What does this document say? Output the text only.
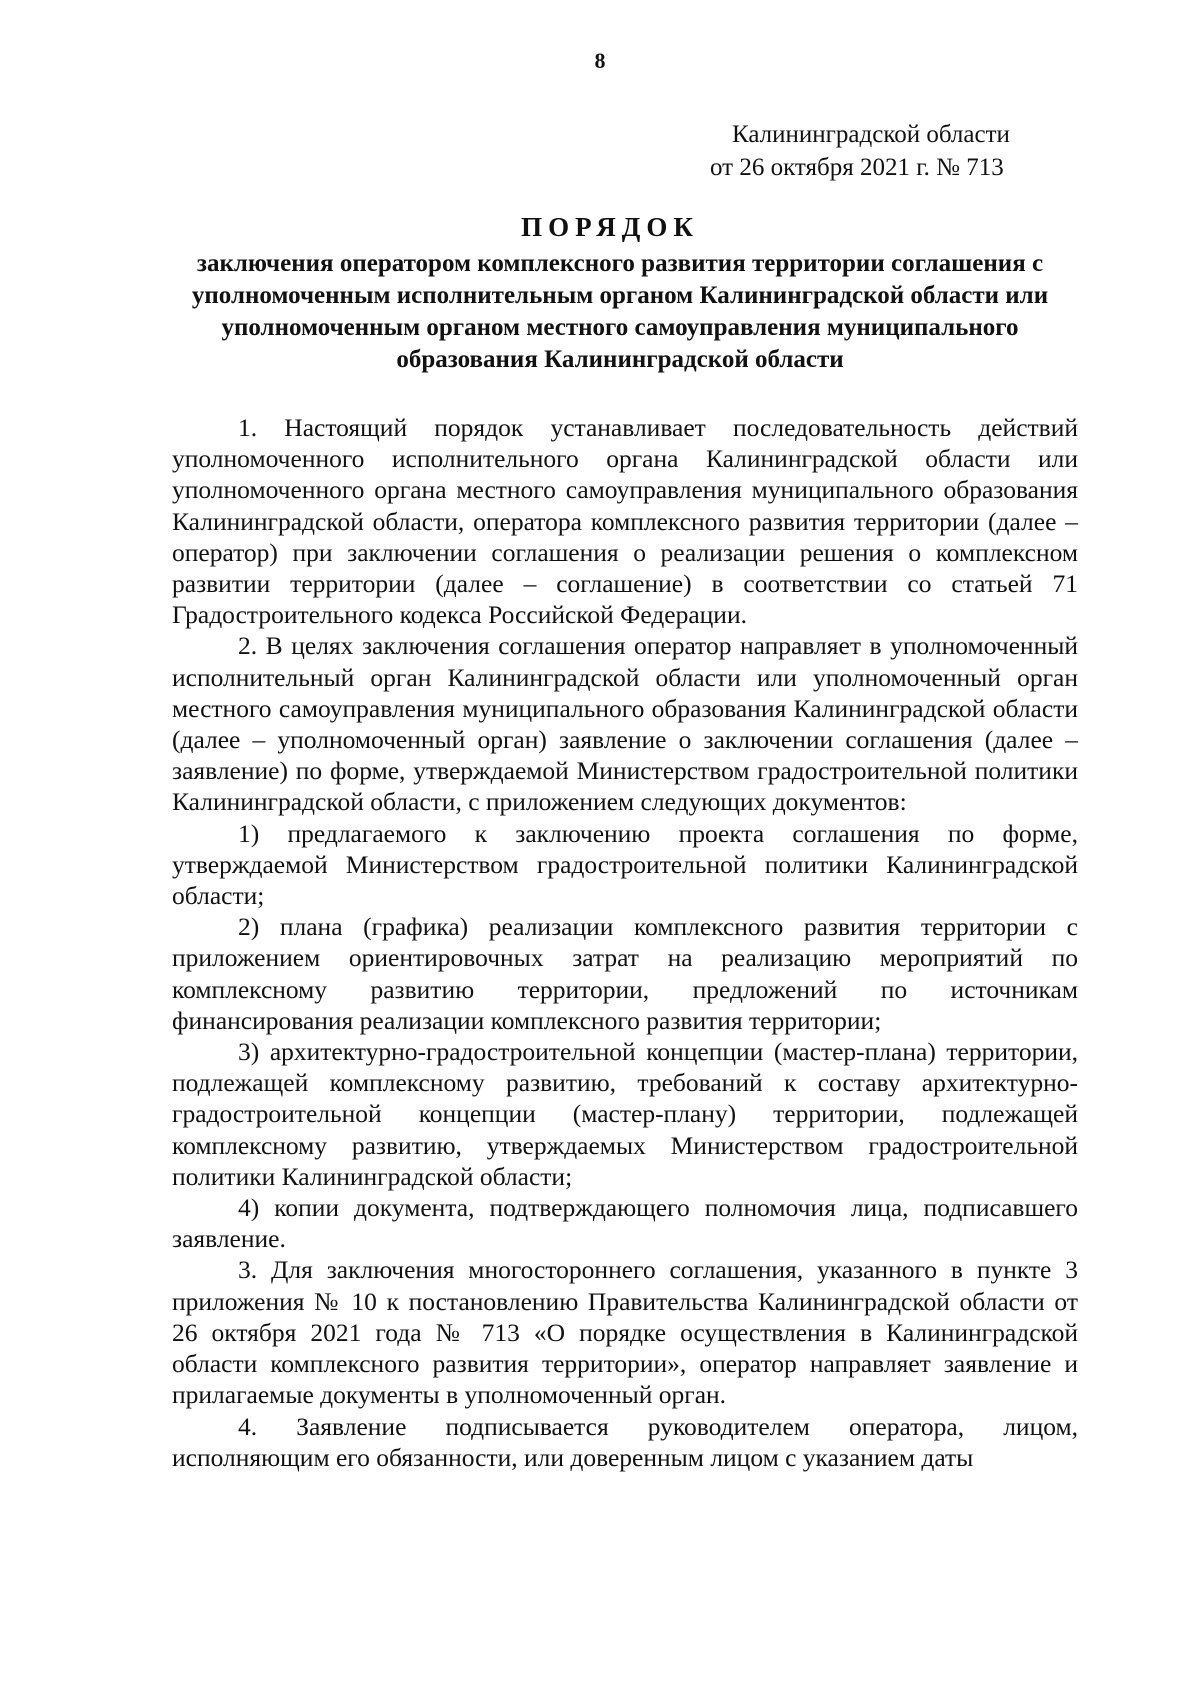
8
Калининградской области
от 26 октября 2021 г. № 713
ПОРЯДОК
заключения оператором комплексного развития территории соглашения с уполномоченным исполнительным органом Калининградской области или уполномоченным органом местного самоуправления муниципального образования Калининградской области

1. Настоящий порядок устанавливает последовательность действий уполномоченного исполнительного органа Калининградской области или уполномоченного органа местного самоуправления муниципального образования Калининградской области, оператора комплексного развития территории (далее – оператор) при заключении соглашения о реализации решения о комплексном развитии территории (далее – соглашение) в соответствии со статьей 71 Градостроительного кодекса Российской Федерации.

2. В целях заключения соглашения оператор направляет в уполномоченный исполнительный орган Калининградской области или уполномоченный орган местного самоуправления муниципального образования Калининградской области (далее – уполномоченный орган) заявление о заключении соглашения (далее – заявление) по форме, утверждаемой Министерством градостроительной политики Калининградской области, с приложением следующих документов:

1) предлагаемого к заключению проекта соглашения по форме, утверждаемой Министерством градостроительной политики Калининградской области;

2) плана (графика) реализации комплексного развития территории с приложением ориентировочных затрат на реализацию мероприятий по комплексному развитию территории, предложений по источникам финансирования реализации комплексного развития территории;

3) архитектурно-градостроительной концепции (мастер-плана) территории, подлежащей комплексному развитию, требований к составу архитектурно-градостроительной концепции (мастер-плану) территории, подлежащей комплексному развитию, утверждаемых Министерством градостроительной политики Калининградской области;

4) копии документа, подтверждающего полномочия лица, подписавшего заявление.

3. Для заключения многостороннего соглашения, указанного в пункте 3 приложения № 10 к постановлению Правительства Калининградской области от 26 октября 2021 года № 713 «О порядке осуществления в Калининградской области комплексного развития территории», оператор направляет заявление и прилагаемые документы в уполномоченный орган.

4. Заявление подписывается руководителем оператора, лицом, исполняющим его обязанности, или доверенным лицом с указанием даты
